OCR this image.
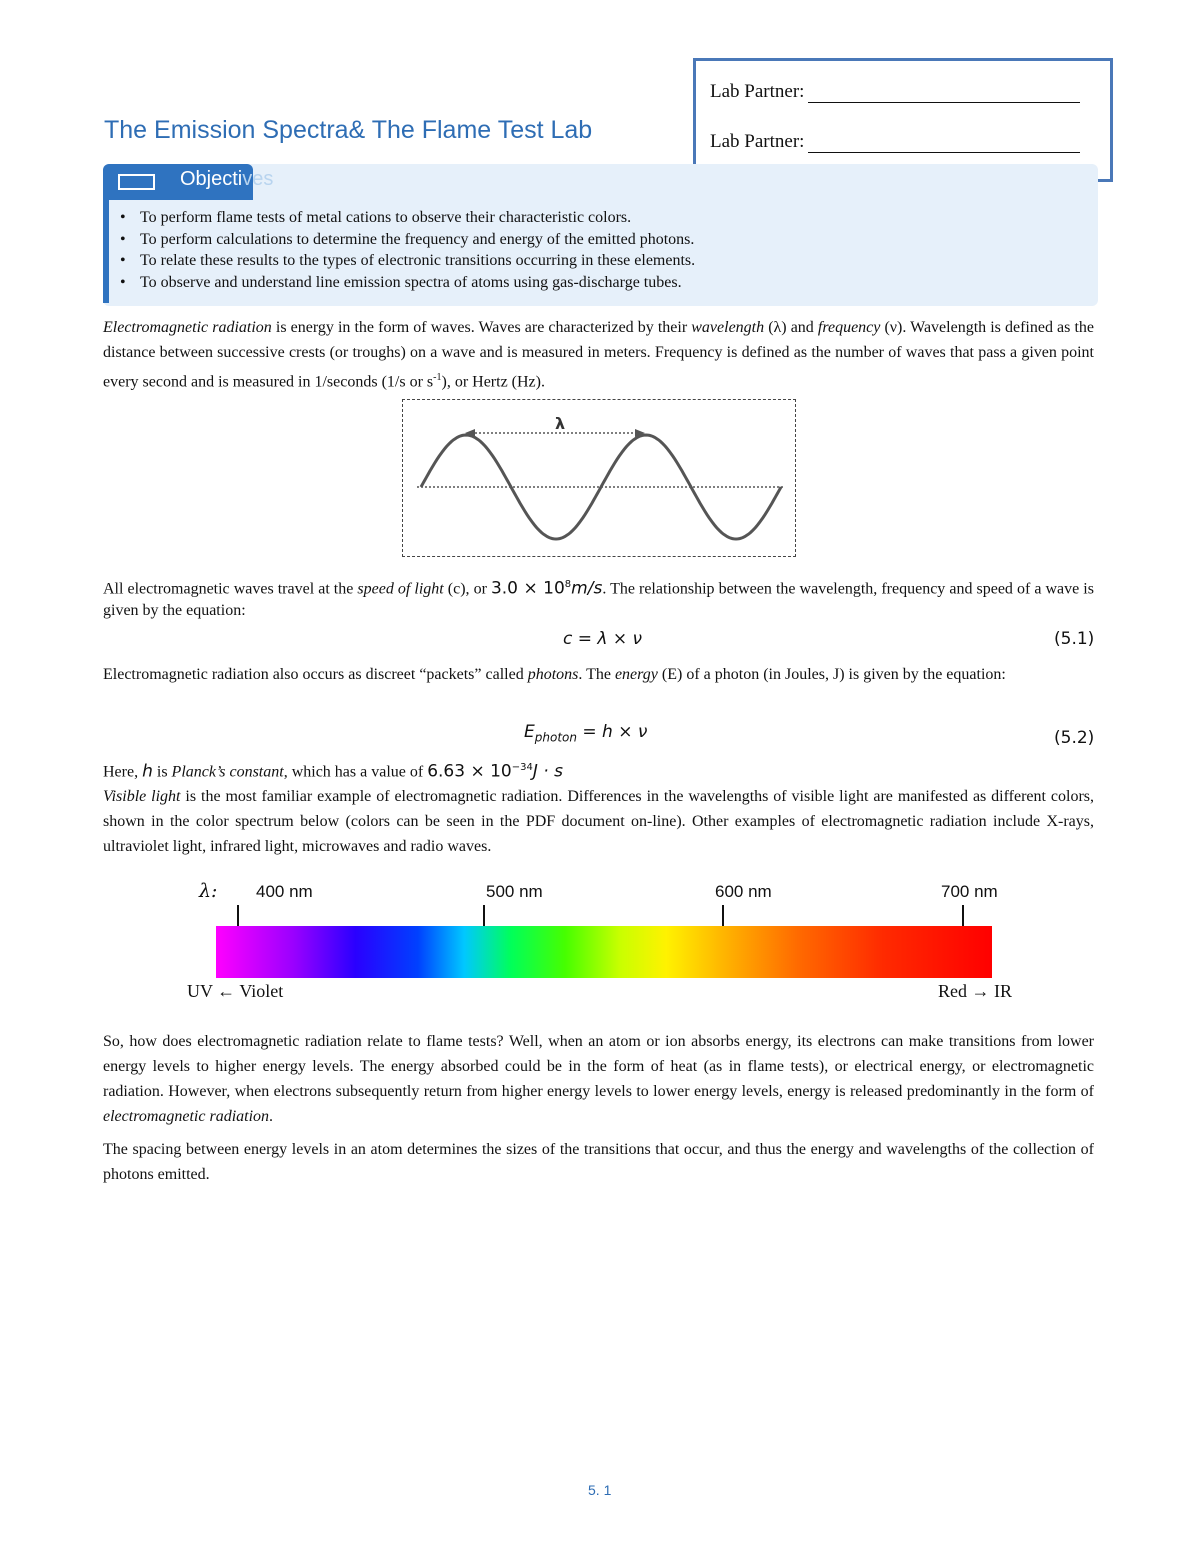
Lab Partner:
Lab Partner:
The Emission Spectra& The Flame Test Lab
Objectives
• To perform flame tests of metal cations to observe their characteristic colors.
• To perform calculations to determine the frequency and energy of the emitted photons.
• To relate these results to the types of electronic transitions occurring in these elements.
• To observe and understand line emission spectra of atoms using gas-discharge tubes.

Electromagnetic radiation is energy in the form of waves. Waves are characterized by their wavelength (λ) and frequency (ν). Wavelength is defined as the distance between successive crests (or troughs) on a wave and is measured in meters. Frequency is defined as the number of waves that pass a given point every second and is measured in 1/seconds (1/s or $s^{-1}$), or Hertz (Hz).

λ

All electromagnetic waves travel at the speed of light (c), or $3.0 \times 10^8m/s$. The relationship between the wavelength, frequency and speed of a wave is given by the equation:

c = λ × ν	(5.1)

Electromagnetic radiation also occurs as discreet “packets” called photons. The energy (E) of a photon (in Joules, J) is given by the equation:

$E_{photon} = h \times \nu$	(5.2)

Here, h is Planck’s constant, which has a value of $6.63 \times 10^{-34}J \cdot s$

Visible light is the most familiar example of electromagnetic radiation. Differences in the wavelengths of visible light are manifested as different colors, shown in the color spectrum below (colors can be seen in the PDF document on-line). Other examples of electromagnetic radiation include X-rays, ultraviolet light, infrared light, microwaves and radio waves.

λ: 400 nm	500 nm	600 nm	700 nm
UV ← Violet	Red → IR

So, how does electromagnetic radiation relate to flame tests? Well, when an atom or ion absorbs energy, its electrons can make transitions from lower energy levels to higher energy levels. The energy absorbed could be in the form of heat (as in flame tests), or electrical energy, or electromagnetic radiation. However, when electrons subsequently return from higher energy levels to lower energy levels, energy is released predominantly in the form of electromagnetic radiation.

The spacing between energy levels in an atom determines the sizes of the transitions that occur, and thus the energy and wavelengths of the collection of photons emitted.

5. 1
